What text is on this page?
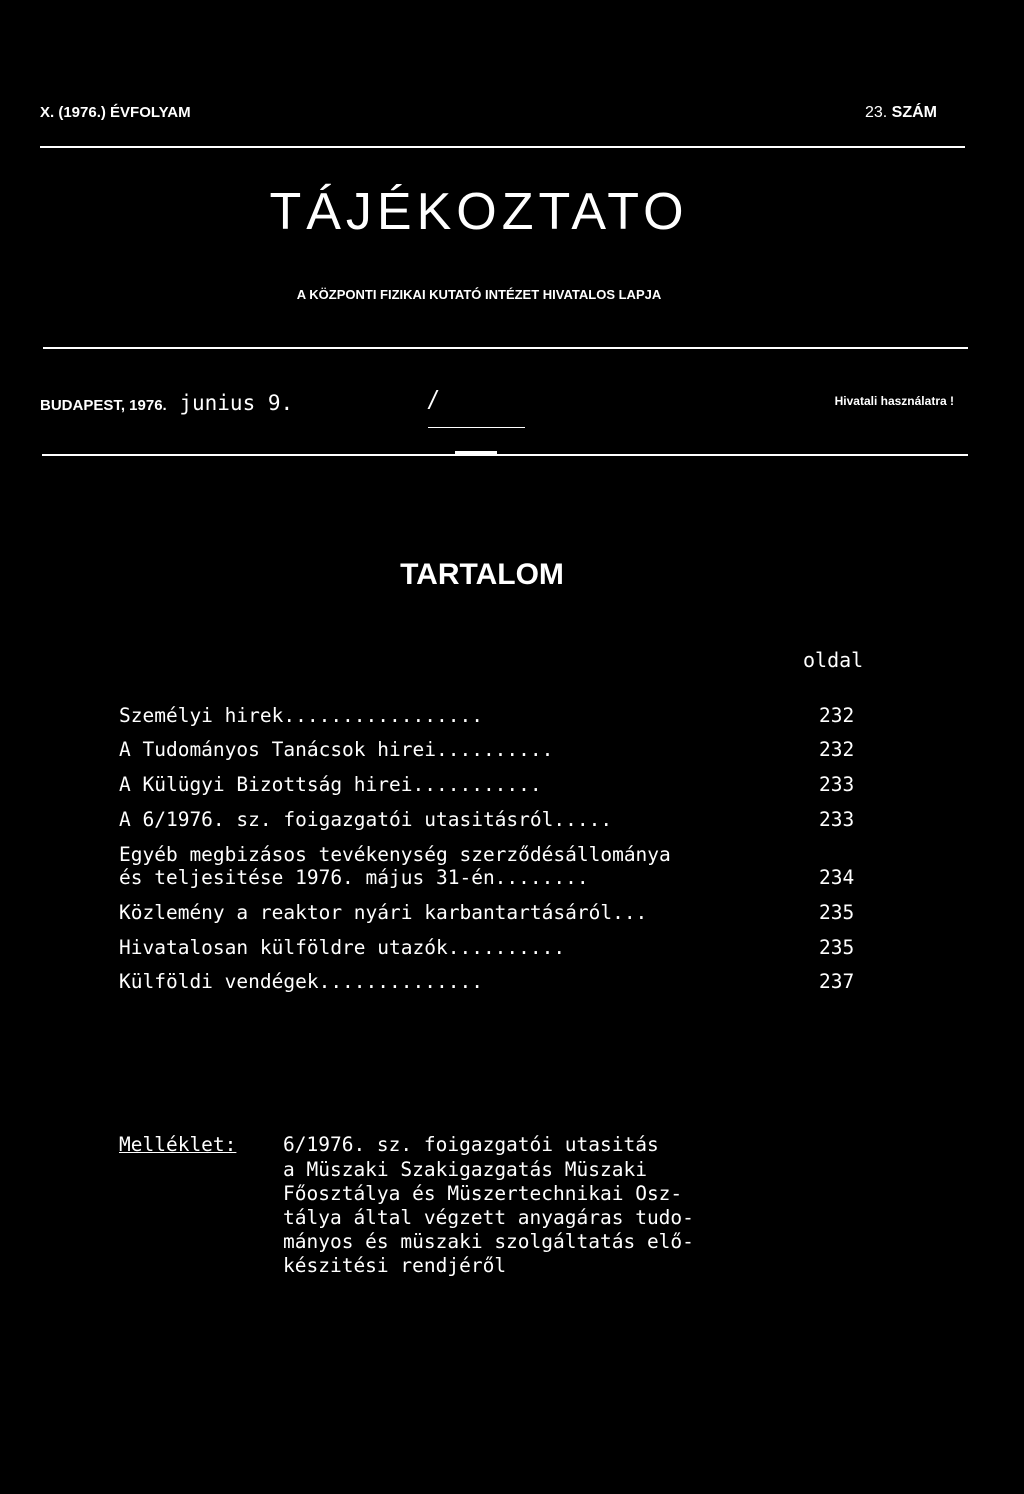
X. (1976.) ÉVFOLYAM	23. SZÁM
TÁJÉKOZTATO
A KÖZPONTI FIZIKAI KUTATÓ INTÉZET HIVATALOS LAPJA
BUDAPEST, 1976. junius 9.	/	Hivatali használatra !
TARTALOM
oldal
Személyi hirek.................	232
A Tudományos Tanácsok hirei..........	232
A Külügyi Bizottság hirei...........	233
A 6/1976. sz. foigazgatói utasitásról.....	233
Egyéb megbizásos tevékenység szerződésállománya
és teljesitése 1976. május 31-én........	234
Közlemény a reaktor nyári karbantartásáról...	235
Hivatalosan külföldre utazók..........	235
Külföldi vendégek..............	237
Melléklet: 6/1976. sz. foigazgatói utasitás
a Müszaki Szakigazgatás Müszaki
Főosztálya és Müszertechnikai Osz-
tálya által végzett anyagáras tudo-
mányos és müszaki szolgáltatás elő-
készitési rendjéről
